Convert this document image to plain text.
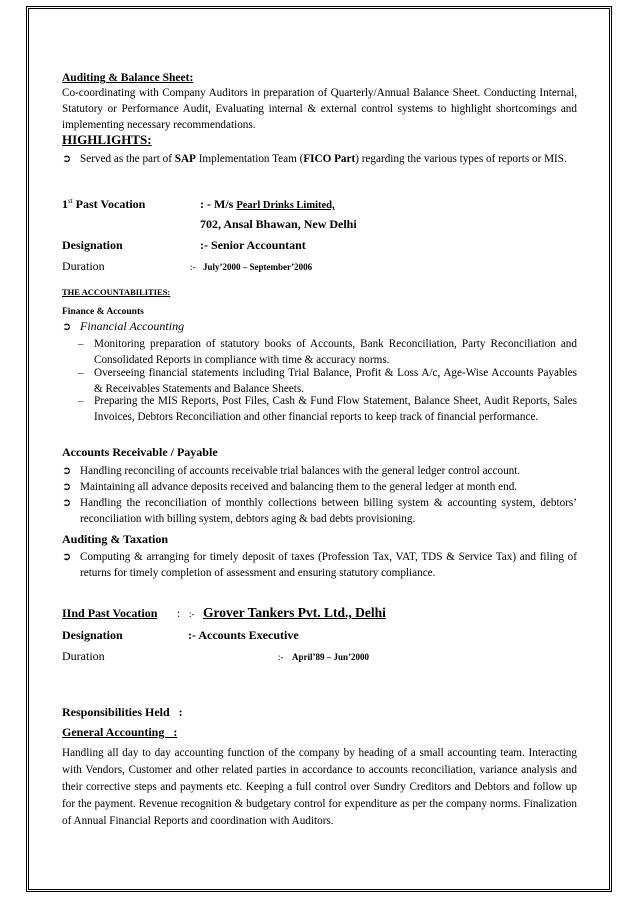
Auditing & Balance Sheet:
Co-coordinating with Company Auditors in preparation of Quarterly/Annual Balance Sheet. Conducting Internal, Statutory or Performance Audit, Evaluating internal & external control systems to highlight shortcomings and implementing necessary recommendations.
HIGHLIGHTS:
➲ Served as the part of SAP Implementation Team (FICO Part) regarding the various types of reports or MIS.
1st Past Vocation	: - M/s Pearl Drinks Limited,
702, Ansal Bhawan, New Delhi
Designation	:- Senior Accountant
Duration	:- July’2000 – September’2006
THE ACCOUNTABILITIES:
Finance & Accounts
➲ Financial Accounting
– Monitoring preparation of statutory books of Accounts, Bank Reconciliation, Party Reconciliation and Consolidated Reports in compliance with time & accuracy norms.
– Overseeing financial statements including Trial Balance, Profit & Loss A/c, Age-Wise Accounts Payables & Receivables Statements and Balance Sheets.
– Preparing the MIS Reports, Post Files, Cash & Fund Flow Statement, Balance Sheet, Audit Reports, Sales Invoices, Debtors Reconciliation and other financial reports to keep track of financial performance.
Accounts Receivable / Payable
➲ Handling reconciling of accounts receivable trial balances with the general ledger control account.
➲ Maintaining all advance deposits received and balancing them to the general ledger at month end.
➲ Handling the reconciliation of monthly collections between billing system & accounting system, debtors’ reconciliation with billing system, debtors aging & bad debts provisioning.
Auditing & Taxation
➲ Computing & arranging for timely deposit of taxes (Profession Tax, VAT, TDS & Service Tax) and filing of returns for timely completion of assessment and ensuring statutory compliance.
IInd Past Vocation : :- Grover Tankers Pvt. Ltd., Delhi
Designation	:- Accounts Executive
Duration	:- April’89 – Jun’2000
Responsibilities Held   :
General Accounting   :
Handling all day to day accounting function of the company by heading of a small accounting team. Interacting with Vendors, Customer and other related parties in accordance to accounts reconciliation, variance analysis and their corrective steps and payments etc. Keeping a full control over Sundry Creditors and Debtors and follow up for the payment. Revenue recognition & budgetary control for expenditure as per the company norms. Finalization of Annual Financial Reports and coordination with Auditors.
